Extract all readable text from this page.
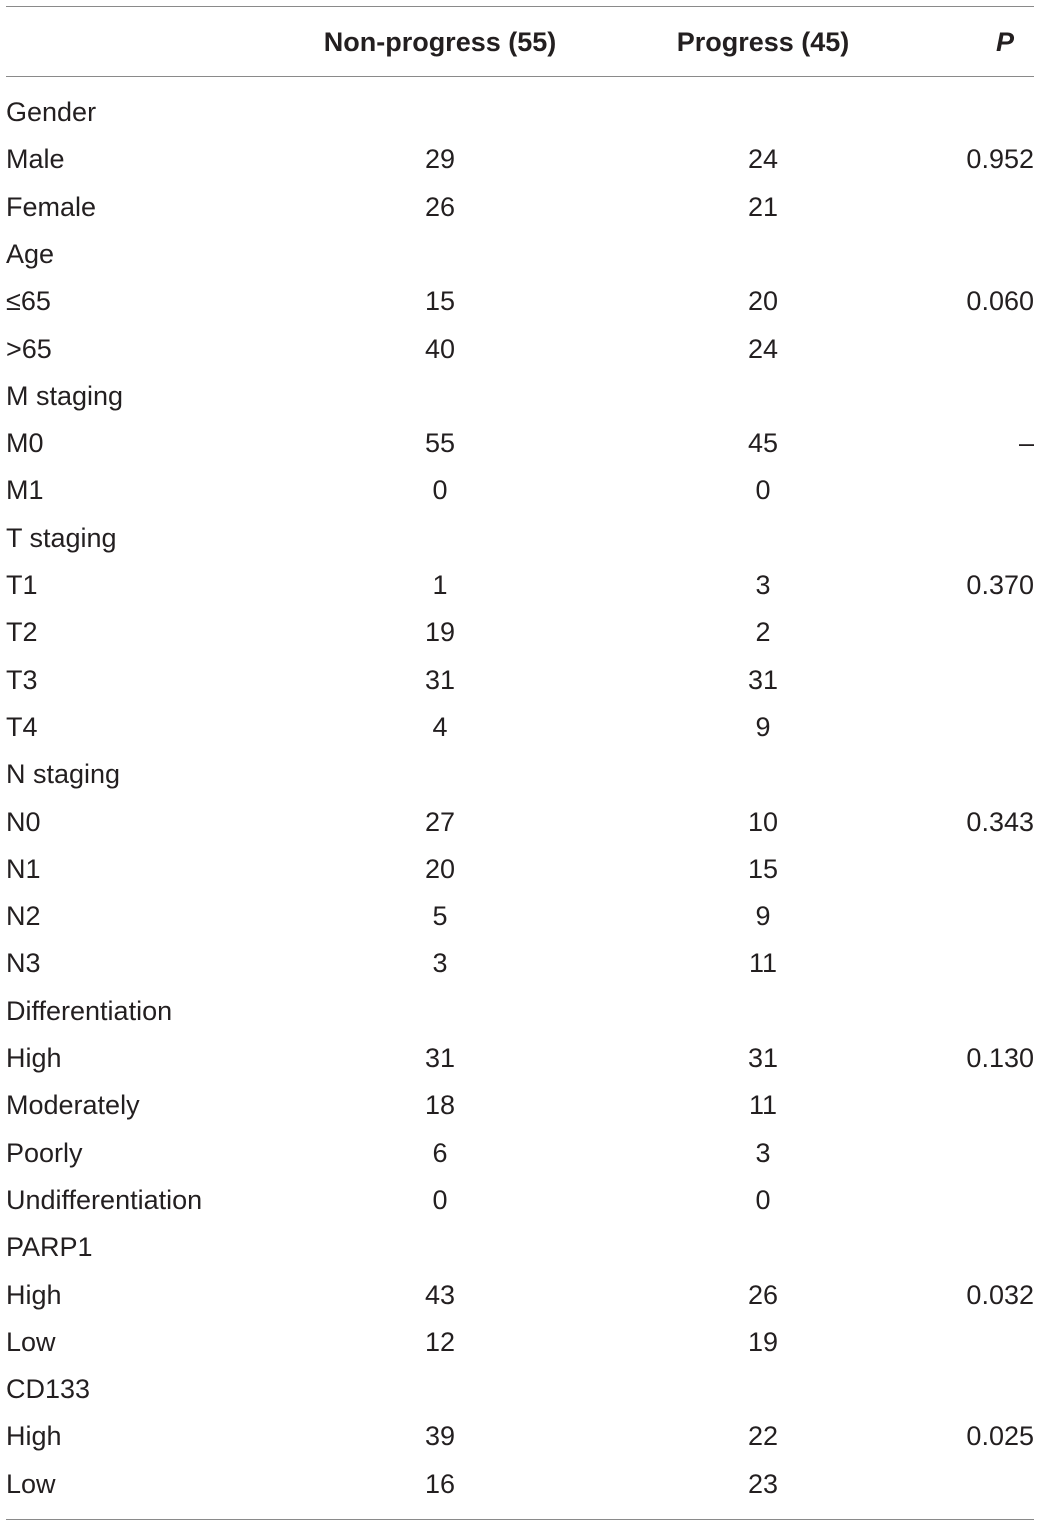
Non-progress (55)	Progress (45)	P
Gender
Male	29	24	0.952
Female	26	21
Age
≤65	15	20	0.060
>65	40	24
M staging
M0	55	45	–
M1	0	0
T staging
T1	1	3	0.370
T2	19	2
T3	31	31
T4	4	9
N staging
N0	27	10	0.343
N1	20	15
N2	5	9
N3	3	11
Differentiation
High	31	31	0.130
Moderately	18	11
Poorly	6	3
Undifferentiation	0	0
PARP1
High	43	26	0.032
Low	12	19
CD133
High	39	22	0.025
Low	16	23
